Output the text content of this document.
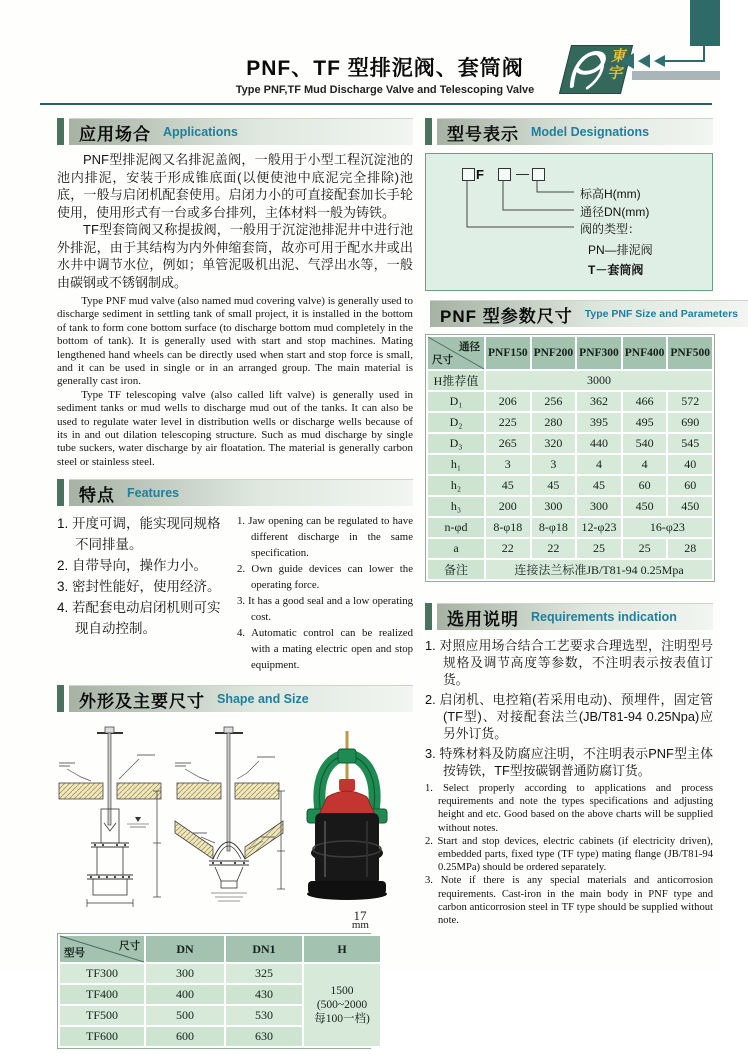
PNF、TF 型排泥阀、套筒阀
Type PNF,TF Mud Discharge Valve and Telescoping Valve
東宇
应用场合 Applications

PNF型排泥阀又名排泥盖阀，一般用于小型工程沉淀池的池内排泥，安装于形成锥底面(以便使池中底泥完全排除)池底，一般与启闭机配套使用。启闭力小的可直接配套加长手轮使用，使用形式有一台或多台排列，主体材料一般为铸铁。

TF型套筒阀又称提拔阀，一般用于沉淀池排泥井中进行池外排泥，由于其结构为内外伸缩套筒，故亦可用于配水井或出水井中调节水位，例如；单管泥吸机出泥、气浮出水等，一般由碳钢或不锈钢制成。

Type PNF mud valve (also named mud covering valve) is generally used to discharge sediment in settling tank of small project, it is installed in the bottom of tank to form cone bottom surface (to discharge bottom mud completely in the bottom of tank). It is generally used with start and stop machines. Mating lengthened hand wheels can be directly used when start and stop force is small, and it can be used in single or in an arranged group. The main material is generally cast iron.

Type TF telescoping valve (also called lift valve) is generally used in sediment tanks or mud wells to discharge mud out of the tanks. It can also be used to regulate water level in distribution wells or discharge wells because of its in and out dilation telescoping structure. Such as mud discharge by single tube suckers, water discharge by air floatation. The material is generally carbon steel or stainless steel.

特点 Features
1. 开度可调，能实现同规格不同排量。
2. 自带导向，操作力小。
3. 密封性能好，使用经济。
4. 若配套电动启闭机则可实现自动控制。
1. Jaw opening can be regulated to have different discharge in the same specification.
2. Own guide devices can lower the operating force.
3. It has a good seal and a low operating cost.
4. Automatic control can be realized with a mating electric open and stop equipment.
外形及主要尺寸 Shape and Size
mm
尺寸
型号	DN	DN1	H
TF300	300	325	1500
(500~2000
每100一档)
TF400	400	430	
TF500	500	530	
TF600	600	630	
型号表示 Model Designations
F —
标高H(mm)
通径DN(mm)
阀的类型：
PN—排泥阀
T－套筒阀
PNF 型参数尺寸 Type PNF Size and Parameters
通径
尺寸	PNF150	PNF200	PNF300	PNF400	PNF500
H推荐值	3000				
D₁	206	256	362	466	572
D₂	225	280	395	495	690
D₃	265	320	440	540	545
h₁	3	3	4	4	40
h₂	45	45	45	60	60
h₃	200	300	300	450	450
n-φd	8-φ18	8-φ18	12-φ23	16-φ23	
a	22	22	25	25	28
备注	连接法兰标准JB/T81-94 0.25Mpa				
选用说明 Requirements indication
1. 对照应用场合结合工艺要求合理选型，注明型号规格及调节高度等参数，不注明表示按表值订货。
2. 启闭机、电控箱(若采用电动)、预埋件，固定管(TF型)、对接配套法兰(JB/T81-94 0.25Npa)应另外订货。
3. 特殊材料及防腐应注明，不注明表示PNF型主体按铸铁，TF型按碳钢普通防腐订货。
1. Select properly according to applications and process requirements and note the types specifications and adjusting height and etc. Good based on the above charts will be supplied without notes.
2. Start and stop devices, electric cabinets (if electricity driven), embedded parts, fixed type (TF type) mating flange (JB/T81-94 0.25MPa) should be ordered separately.
3. Note if there is any special materials and anticorrosion requirements. Cast-iron in the main body in PNF type and carbon anticorrosion steel in TF type should be supplied without note.
17
